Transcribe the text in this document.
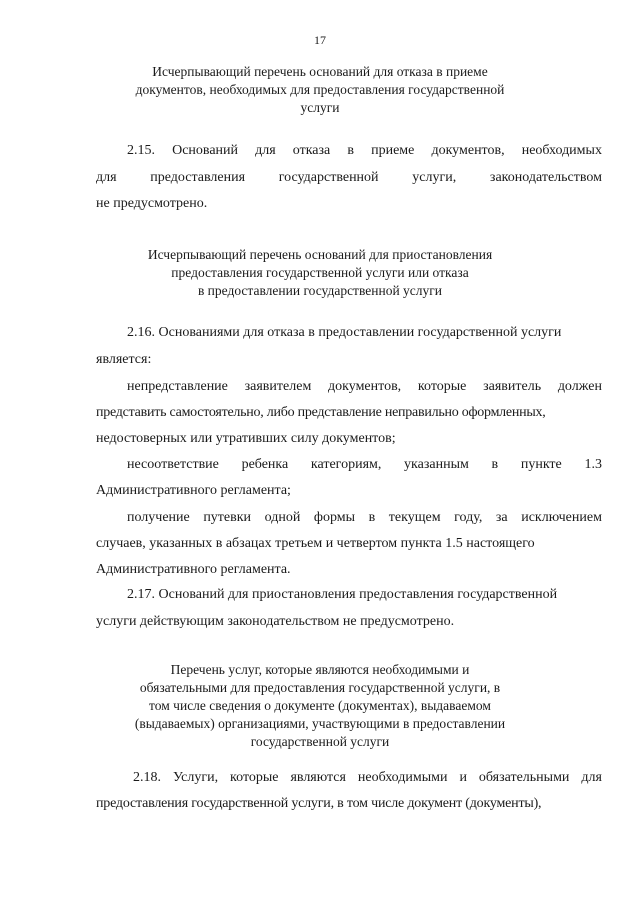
17
Исчерпывающий перечень оснований для отказа в приеме
документов, необходимых для предоставления государственной
услуги
2.15. Оснований для отказа в приеме документов, необходимых
для предоставления государственной услуги, законодательством
не предусмотрено.
Исчерпывающий перечень оснований для приостановления
предоставления государственной услуги или отказа
в предоставлении государственной услуги
2.16. Основаниями для отказа в предоставлении государственной услуги
является:
непредставление заявителем документов, которые заявитель должен
представить самостоятельно, либо представление неправильно оформленных,
недостоверных или утративших силу документов;
несоответствие ребенка категориям, указанным в пункте 1.3
Административного регламента;
получение путевки одной формы в текущем году, за исключением
случаев, указанных в абзацах третьем и четвертом пункта 1.5 настоящего
Административного регламента.
2.17. Оснований для приостановления предоставления государственной
услуги действующим законодательством не предусмотрено.
Перечень услуг, которые являются необходимыми и
обязательными для предоставления государственной услуги, в
том числе сведения о документе (документах), выдаваемом
(выдаваемых) организациями, участвующими в предоставлении
государственной услуги
2.18. Услуги, которые являются необходимыми и обязательными для
предоставления государственной услуги, в том числе документ (документы),
